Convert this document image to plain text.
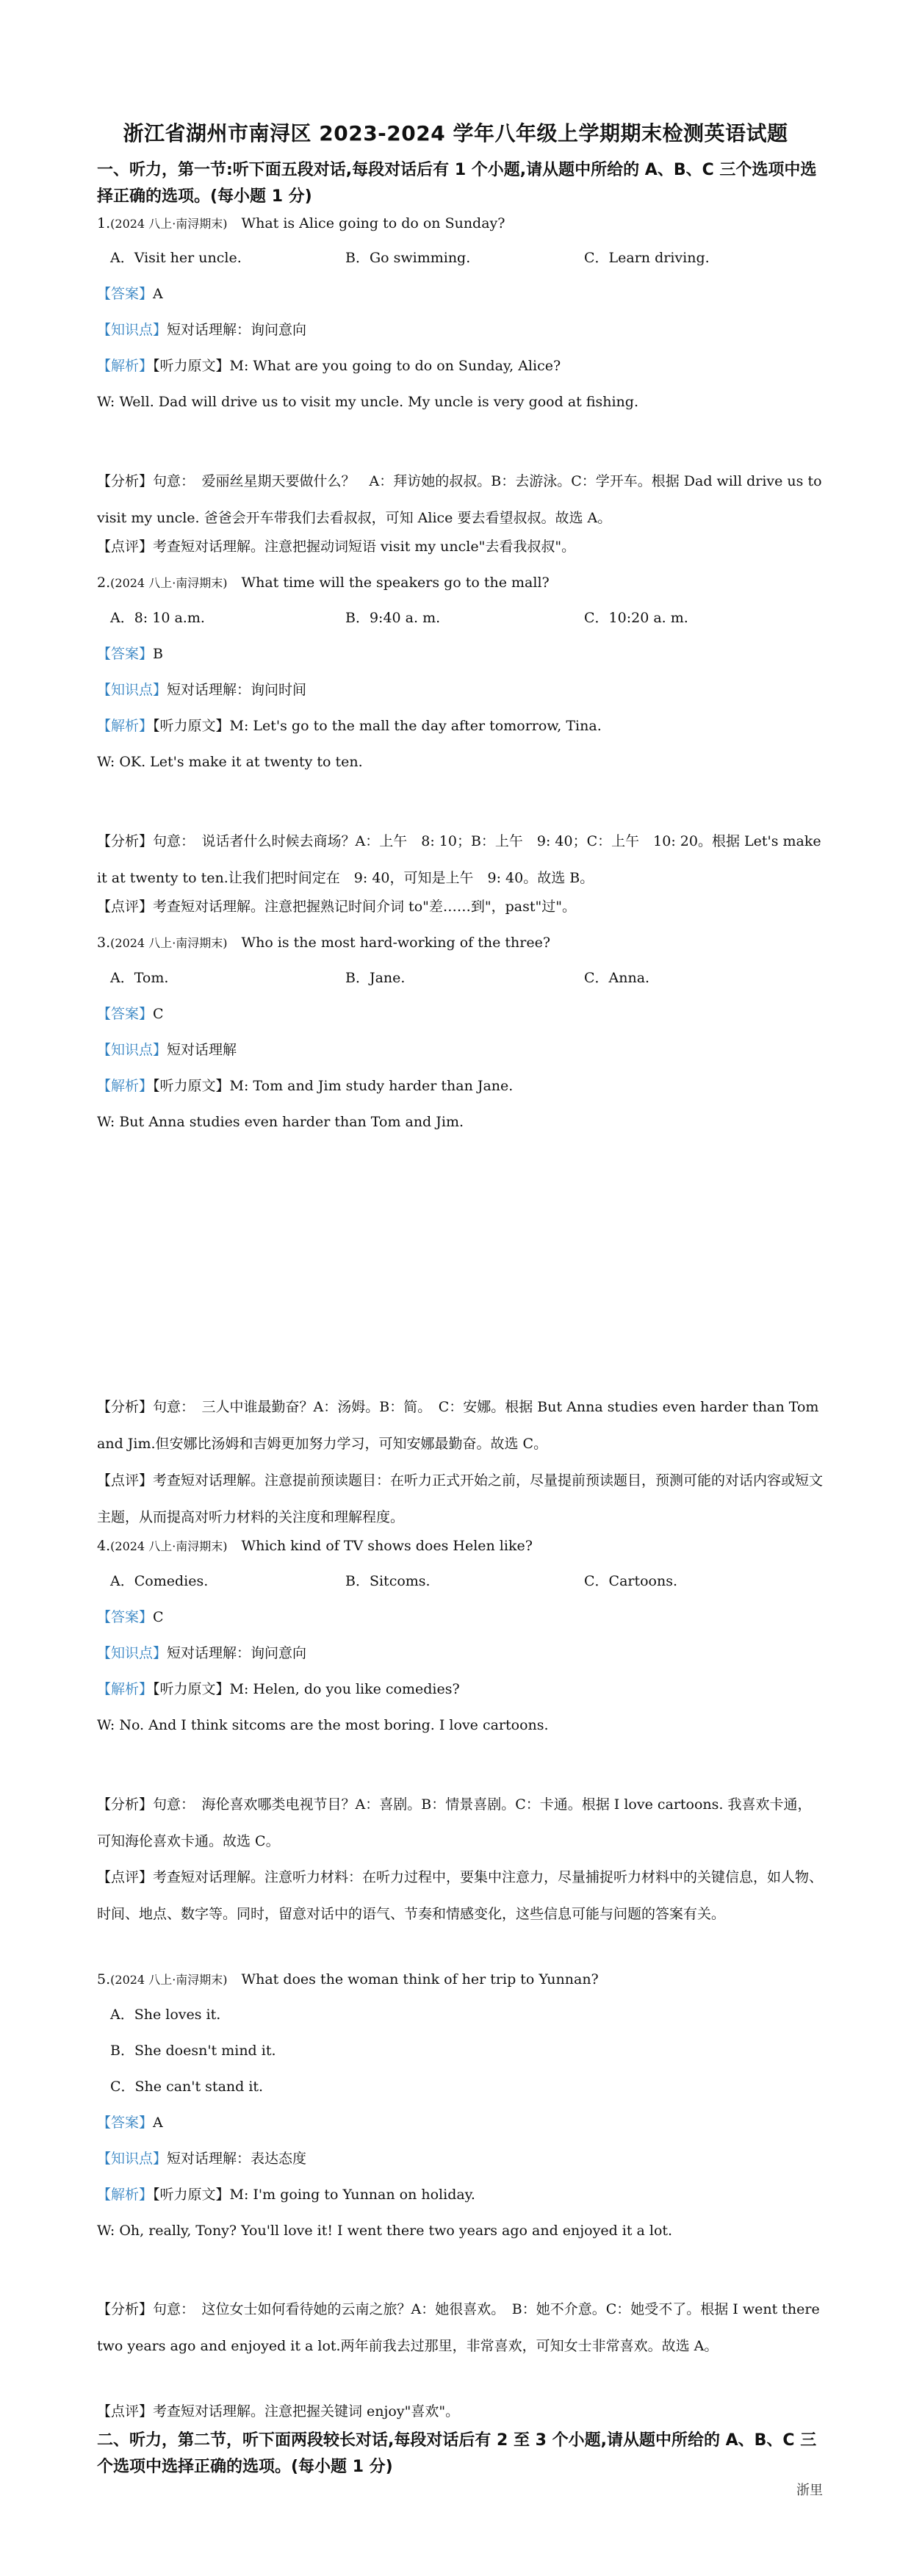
浙江省湖州市南浔区 2023-2024 学年八年级上学期期末检测英语试题
一、听力，第一节:听下面五段对话,每段对话后有 1 个小题,请从题中所给的 A、B、C 三个选项中选择正确的选项。(每小题 1 分)
1.(2024 八上·南浔期末)　 What is Alice going to do on Sunday?
A．Visit her uncle.	B．Go swimming.	C．Learn driving.
【答案】A
【知识点】短对话理解：询问意向
【解析】【听力原文】M: What are you going to do on Sunday, Alice?
W: Well. Dad will drive us to visit my uncle. My uncle is very good at fishing.
【分析】句意：　爱丽丝星期天要做什么？　A：拜访她的叔叔。B：去游泳。C：学开车。根据 Dad will drive us to visit my uncle. 爸爸会开车带我们去看叔叔，可知 Alice 要去看望叔叔。故选 A。
【点评】考查短对话理解。注意把握动词短语 visit my uncle"去看我叔叔"。
2.(2024 八上·南浔期末)　 What time will the speakers go to the mall?
A．8: 10 a.m.	B．9:40 a. m.	C．10:20 a. m.
【答案】B
【知识点】短对话理解：询问时间
【解析】【听力原文】M: Let's go to the mall the day after tomorrow, Tina.
W: OK. Let's make it at twenty to ten.
【分析】句意：　说话者什么时候去商场？A：上午　8: 10；B：上午　9: 40；C：上午　10: 20。根据 Let's make it at twenty to ten.让我们把时间定在　9: 40，可知是上午　9: 40。故选 B。
【点评】考查短对话理解。注意把握熟记时间介词 to"差……到"，past"过"。
3.(2024 八上·南浔期末)　 Who is the most hard-working of the three?
A．Tom.	B．Jane.	C．Anna.
【答案】C
【知识点】短对话理解
【解析】【听力原文】M: Tom and Jim study harder than Jane.
W: But Anna studies even harder than Tom and Jim.
【分析】句意：　三人中谁最勤奋？A：汤姆。B：简。　C：安娜。根据 But Anna studies even harder than Tom and Jim.但安娜比汤姆和吉姆更加努力学习，可知安娜最勤奋。故选 C。
【点评】考查短对话理解。注意提前预读题目：在听力正式开始之前，尽量提前预读题目，预测可能的对话内容或短文主题，从而提高对听力材料的关注度和理解程度。
4.(2024 八上·南浔期末)　 Which kind of TV shows does Helen like?
A．Comedies.	B．Sitcoms.	C．Cartoons.
【答案】C
【知识点】短对话理解：询问意向
【解析】【听力原文】M: Helen, do you like comedies?
W: No. And I think sitcoms are the most boring. I love cartoons.
【分析】句意：　海伦喜欢哪类电视节目？A：喜剧。B：情景喜剧。C：卡通。根据 I love cartoons. 我喜欢卡通，可知海伦喜欢卡通。故选 C。
【点评】考查短对话理解。注意听力材料：在听力过程中，要集中注意力，尽量捕捉听力材料中的关键信息，如人物、时间、地点、数字等。同时，留意对话中的语气、节奏和情感变化，这些信息可能与问题的答案有关。
5.(2024 八上·南浔期末)　 What does the woman think of her trip to Yunnan?
A．She loves it.
B．She doesn't mind it.
C．She can't stand it.
【答案】A
【知识点】短对话理解：表达态度
【解析】【听力原文】M: I'm going to Yunnan on holiday.
W: Oh, really, Tony? You'll love it! I went there two years ago and enjoyed it a lot.
【分析】句意：　这位女士如何看待她的云南之旅？A：她很喜欢。　B：她不介意。C：她受不了。根据 I went there two years ago and enjoyed it a lot.两年前我去过那里，非常喜欢，可知女士非常喜欢。故选 A。
【点评】考查短对话理解。注意把握关键词 enjoy"喜欢"。
二、听力，第二节，听下面两段较长对话,每段对话后有 2 至 3 个小题,请从题中所给的 A、B、C 三个选项中选择正确的选项。(每小题 1 分)
浙里
